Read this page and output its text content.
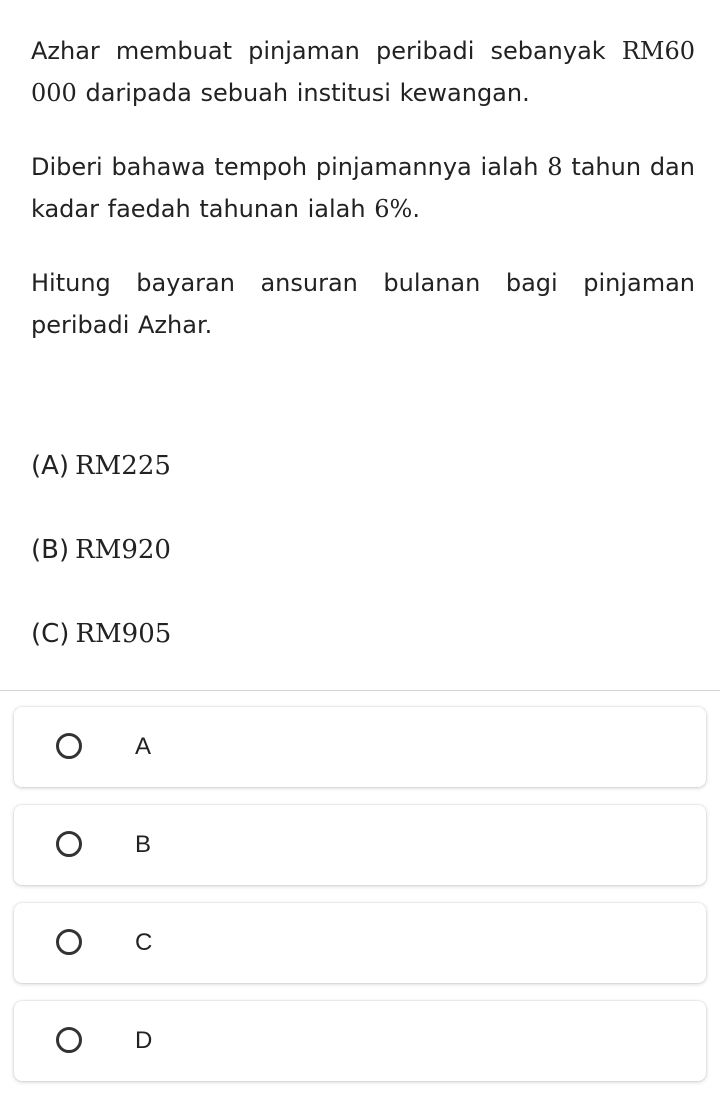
Azhar membuat pinjaman peribadi sebanyak RM60 000 daripada sebuah institusi kewangan.

Diberi bahawa tempoh pinjamannya ialah 8 tahun dan kadar faedah tahunan ialah 6%.

Hitung bayaran ansuran bulanan bagi pinjaman peribadi Azhar.

(A) RM225
(B) RM920
(C) RM905
A
B
C
D
